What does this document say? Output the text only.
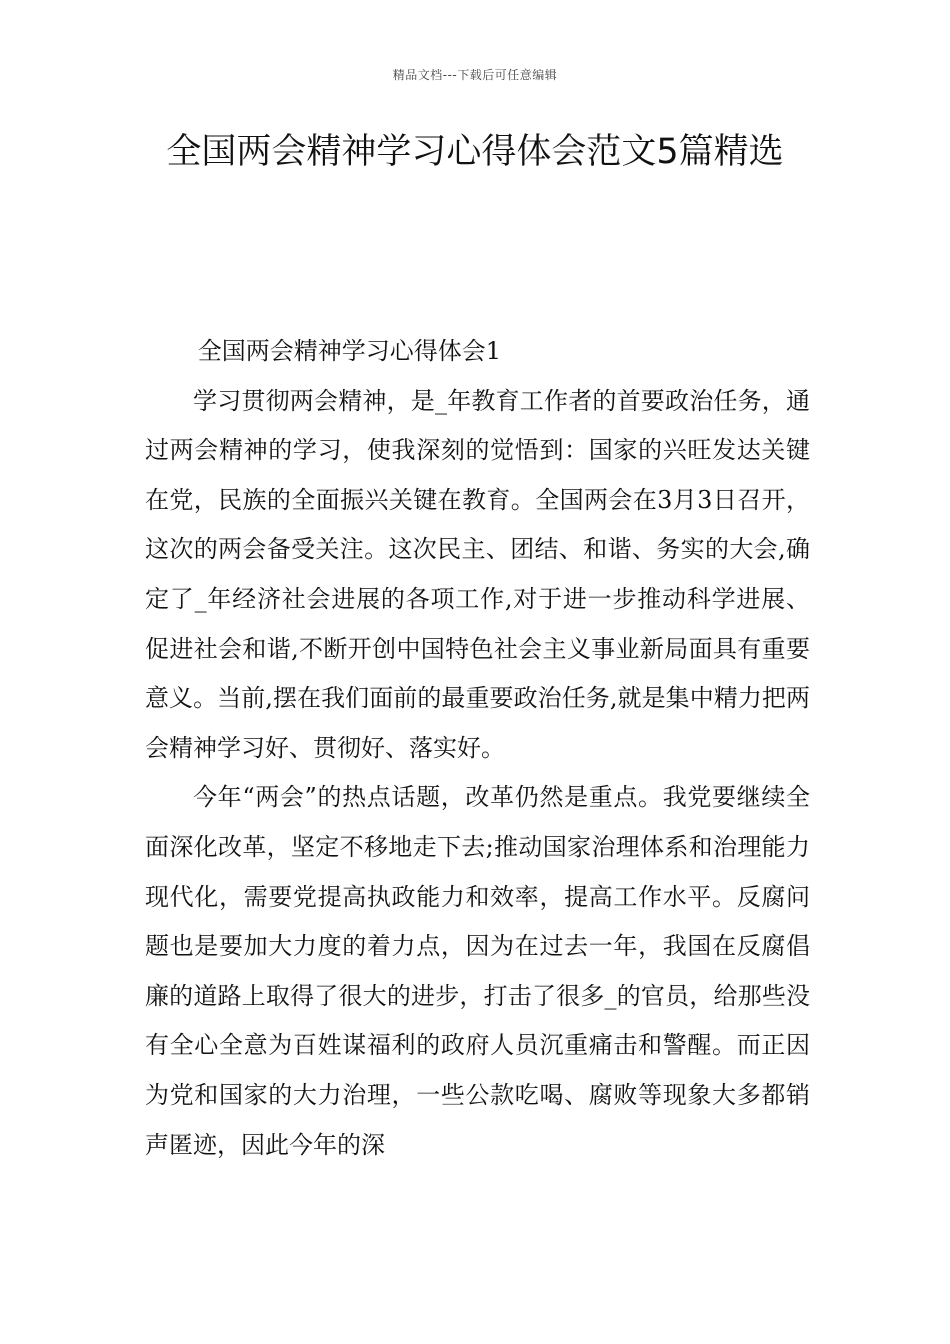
精品文档---下载后可任意编辑
全国两会精神学习心得体会范文5篇精选

全国两会精神学习心得体会1

学习贯彻两会精神，是_年教育工作者的首要政治任务，通过两会精神的学习，使我深刻的觉悟到：国家的兴旺发达关键在党，民族的全面振兴关键在教育。全国两会在3月3日召开，这次的两会备受关注。这次民主、团结、和谐、务实的大会,确定了_年经济社会进展的各项工作,对于进一步推动科学进展、促进社会和谐,不断开创中国特色社会主义事业新局面具有重要意义。当前,摆在我们面前的最重要政治任务,就是集中精力把两会精神学习好、贯彻好、落实好。

今年“两会”的热点话题，改革仍然是重点。我党要继续全面深化改革，坚定不移地走下去;推动国家治理体系和治理能力现代化，需要党提高执政能力和效率，提高工作水平。反腐问题也是要加大力度的着力点，因为在过去一年，我国在反腐倡廉的道路上取得了很大的进步，打击了很多_的官员，给那些没有全心全意为百姓谋福利的政府人员沉重痛击和警醒。而正因为党和国家的大力治理，一些公款吃喝、腐败等现象大多都销声匿迹，因此今年的深
